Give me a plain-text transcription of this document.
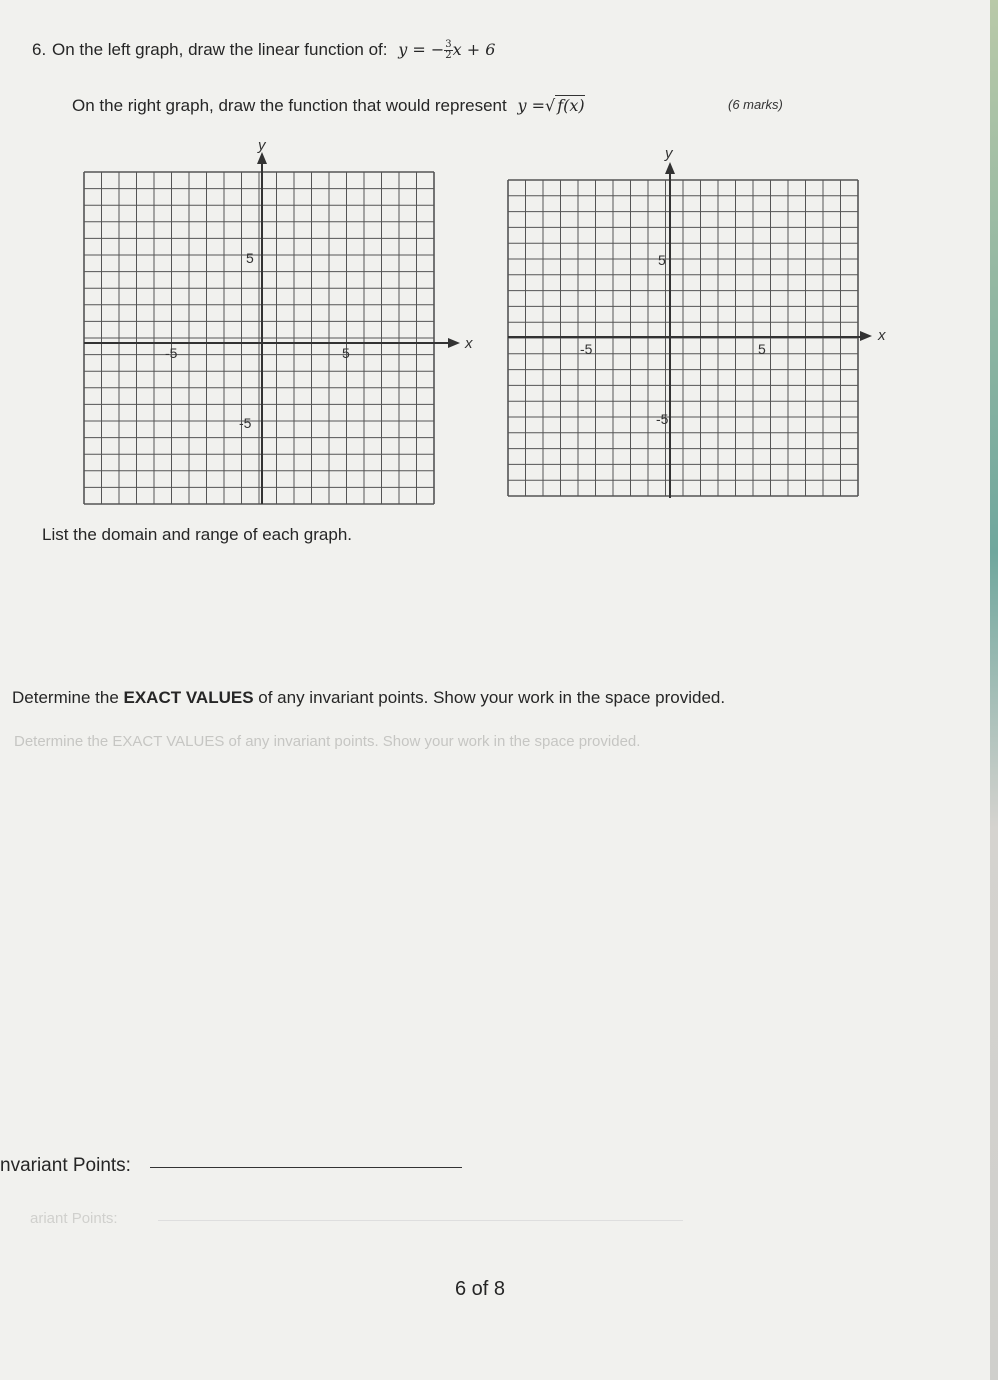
6. On the left graph, draw the linear function of: y = − $\frac{3}{2}$ x + 6
On the right graph, draw the function that would represent y =√ f(x)	(6 marks)
y
x
5
-5
-5	5
y
x
5
-5
-5	5
List the domain and range of each graph.
Determine the EXACT VALUES of any invariant points. Show your work in the space provided.
Determine the EXACT VALUES of any invariant points. Show your work in the space provided.
nvariant Points:
ariant Points:
6 of 8
